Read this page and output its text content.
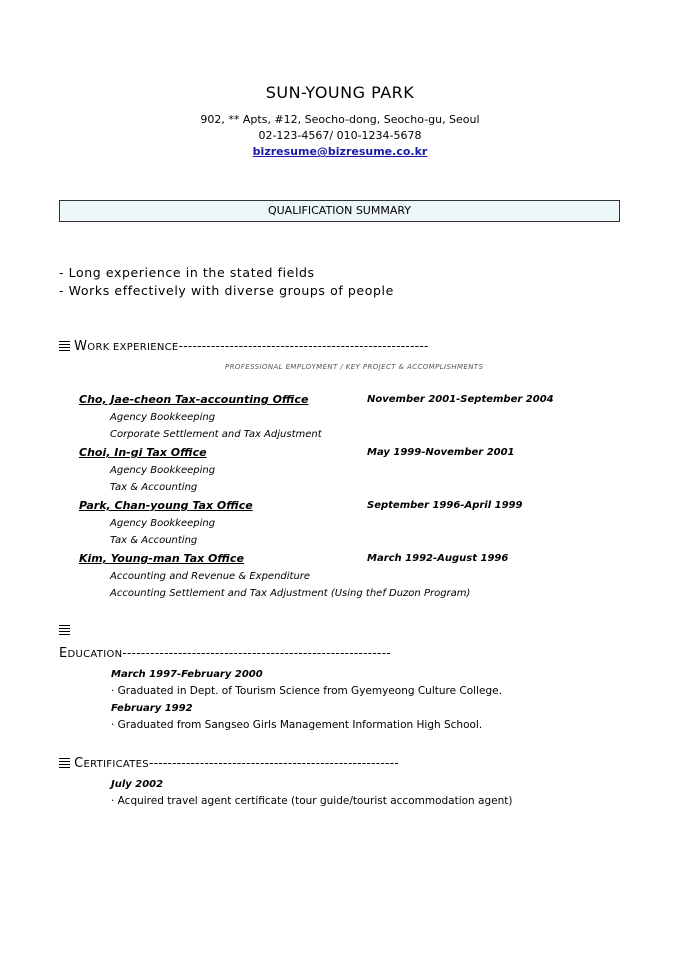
SUN-YOUNG PARK
902, ** Apts, #12, Seocho-dong, Seocho-gu, Seoul
02-123-4567/ 010-1234-5678
bizresume@bizresume.co.kr
QUALIFICATION SUMMARY
- Long experience in the stated fields
- Works effectively with diverse groups of people
WORK EXPERIENCE------------------------------------------------------
PROFESSIONAL EMPLOYMENT / KEY PROJECT & ACCOMPLISHMENTS
Cho, Jae-cheon Tax-accounting Office	November 2001-September 2004
Agency Bookkeeping
Corporate Settlement and Tax Adjustment
Choi, In-gi Tax Office	May 1999-November 2001
Agency Bookkeeping
Tax & Accounting
Park, Chan-young Tax Office	September 1996-April 1999
Agency Bookkeeping
Tax & Accounting
Kim, Young-man Tax Office	March 1992-August 1996
Accounting and Revenue & Expenditure
Accounting Settlement and Tax Adjustment (Using thef Duzon Program)
EDUCATION----------------------------------------------------------
March 1997-February 2000
· Graduated in Dept. of Tourism Science from Gyemyeong Culture College.
February 1992
· Graduated from Sangseo Girls Management Information High School.
CERTIFICATES------------------------------------------------------
July 2002
· Acquired travel agent certificate (tour guide/tourist accommodation agent)
